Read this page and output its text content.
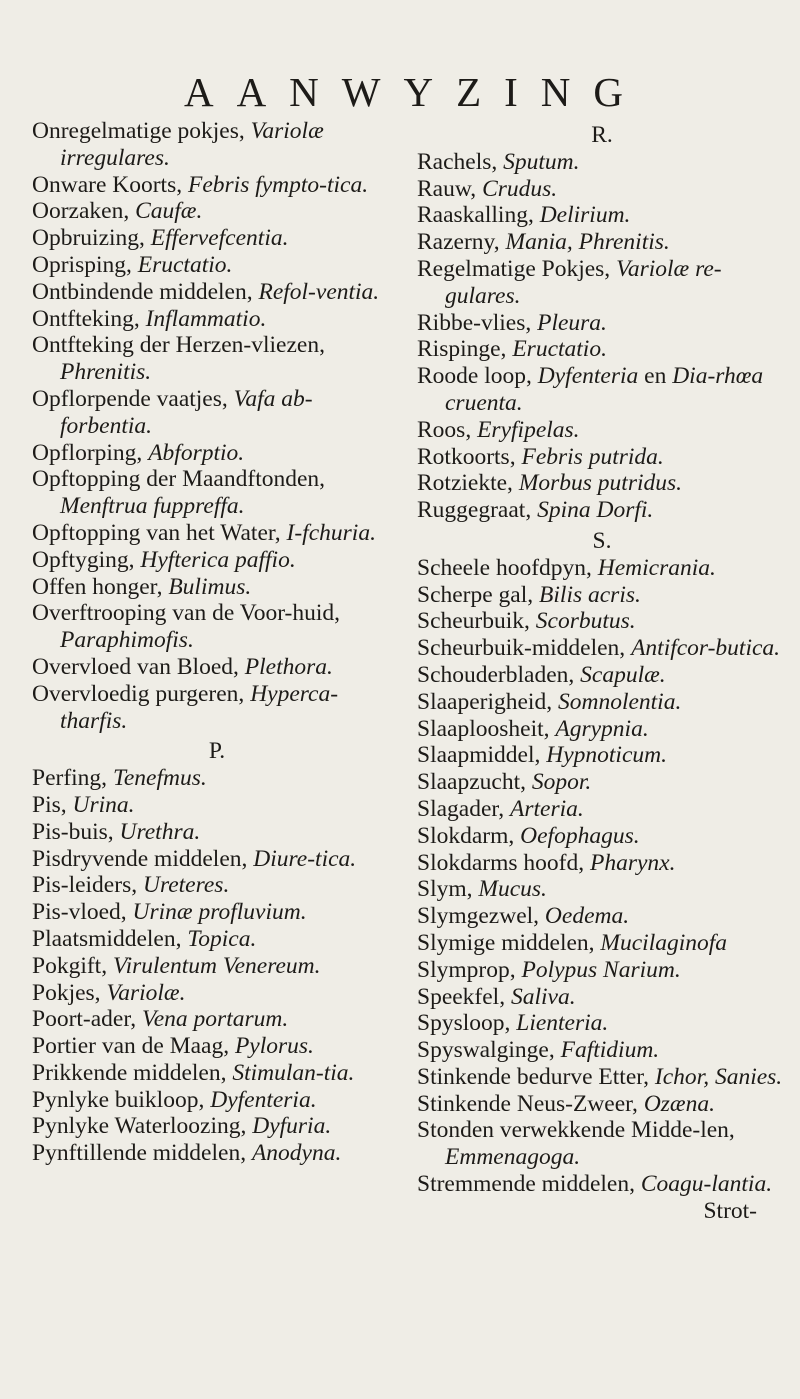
AANWYZING

Onregelmatige pokjes, Variolæ irregulares.

Onware Koorts, Febris fympto-tica.

Oorzaken, Caufæ.

Opbruizing, Effervefcentia.

Oprisping, Eructatio.

Ontbindende middelen, Refol-ventia.

Ontfteking, Inflammatio.

Ontfteking der Herzen-vliezen, Phrenitis.

Opflorpende vaatjes, Vafa ab-forbentia.

Opflorping, Abforptio.

Opftopping der Maandftonden, Menftrua fuppreffa.

Opftopping van het Water, I-fchuria.

Opftyging, Hyfterica paffio.

Offen honger, Bulimus.

Overftrooping van de Voor-huid, Paraphimofis.

Overvloed van Bloed, Plethora.

Overvloedig purgeren, Hyperca-tharfis.

P.

Perfing, Tenefmus.

Pis, Urina.

Pis-buis, Urethra.

Pisdryvende middelen, Diure-tica.

Pis-leiders, Ureteres.

Pis-vloed, Urinæ profluvium.

Plaatsmiddelen, Topica.

Pokgift, Virulentum Venereum.

Pokjes, Variolæ.

Poort-ader, Vena portarum.

Portier van de Maag, Pylorus.

Prikkende middelen, Stimulan-tia.

Pynlyke buikloop, Dyfenteria.

Pynlyke Waterloozing, Dyfuria.

Pynftillende middelen, Anodyna.

R.

Rachels, Sputum.

Rauw, Crudus.

Raaskalling, Delirium.

Razerny, Mania, Phrenitis.

Regelmatige Pokjes, Variolæ re-gulares.

Ribbe-vlies, Pleura.

Rispinge, Eructatio.

Roode loop, Dyfenteria en Dia-rhœa cruenta.

Roos, Eryfipelas.

Rotkoorts, Febris putrida.

Rotziekte, Morbus putridus.

Ruggegraat, Spina Dorfi.

S.

Scheele hoofdpyn, Hemicrania.

Scherpe gal, Bilis acris.

Scheurbuik, Scorbutus.

Scheurbuik-middelen, Antifcor-butica.

Schouderbladen, Scapulæ.

Slaaperigheid, Somnolentia.

Slaaploosheit, Agrypnia.

Slaapmiddel, Hypnoticum.

Slaapzucht, Sopor.

Slagader, Arteria.

Slokdarm, Oefophagus.

Slokdarms hoofd, Pharynx.

Slym, Mucus.

Slymgezwel, Oedema.

Slymige middelen, Mucilaginofa

Slymprop, Polypus Narium.

Speekfel, Saliva.

Spysloop, Lienteria.

Spyswalginge, Faftidium.

Stinkende bedurve Etter, Ichor, Sanies.

Stinkende Neus-Zweer, Ozæna.

Stonden verwekkende Midde-len, Emmenagoga.

Stremmende middelen, Coagu-lantia.

Strot-
